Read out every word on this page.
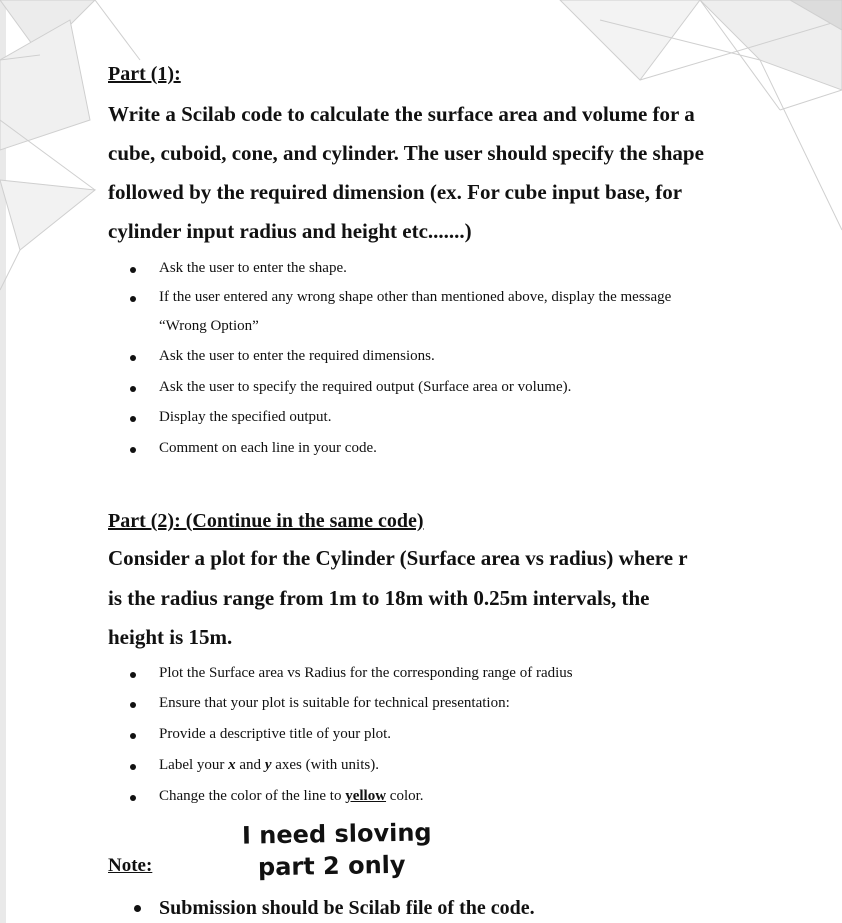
Part (1):
Write a Scilab code to calculate the surface area and volume for a
cube, cuboid, cone, and cylinder. The user should specify the shape
followed by the required dimension (ex. For cube input base, for
cylinder input radius and height etc.......)
Ask the user to enter the shape.
If the user entered any wrong shape other than mentioned above, display the message
“Wrong Option”
Ask the user to enter the required dimensions.
Ask the user to specify the required output (Surface area or volume).
Display the specified output.
Comment on each line in your code.
Part (2): (Continue in the same code)
Consider a plot for the Cylinder (Surface area vs radius) where r
is the radius range from 1m to 18m with 0.25m intervals, the
height is 15m.
Plot the Surface area vs Radius for the corresponding range of radius
Ensure that your plot is suitable for technical presentation:
Provide a descriptive title of your plot.
Label your x and y axes (with units).
Change the color of the line to yellow color.
I need sloving
part 2 only
Note:
Submission should be Scilab file of the code.
